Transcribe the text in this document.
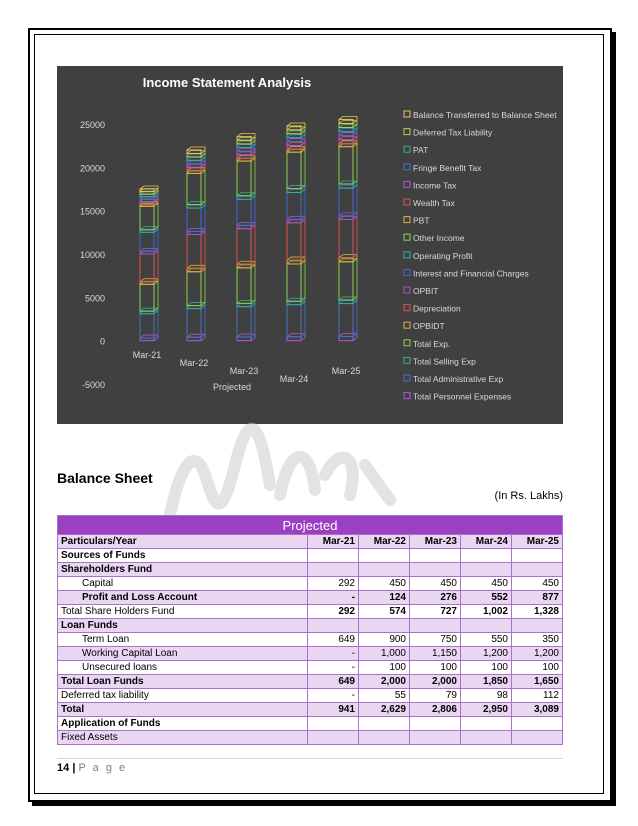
Income Statement Analysis
-5000
0
5000
10000
15000
20000
25000
Mar-21
Mar-22
Mar-23
Mar-24
Mar-25
Projected
Balance Transferred to Balance Sheet
Deferred Tax Liability
PAT
Fringe Benefit Tax
Income Tax
Wealth Tax
PBT
Other Income
Operating Profit
Interest and Financial Charges
OPBIT
Depreciation
OPBIDT
Total Exp.
Total Selling Exp
Total Administrative Exp
Total Personnel Expenses
Balance Sheet
(In Rs. Lakhs)
Projected					
Particulars/Year	Mar-21	Mar-22	Mar-23	Mar-24	Mar-25
Sources of Funds					
Shareholders Fund					
Capital	292	450	450	450	450
Profit and Loss Account	-	124	276	552	877
Total Share Holders Fund	292	574	727	1,002	1,328
Loan Funds					
Term Loan	649	900	750	550	350
Working Capital Loan	-	1,000	1,150	1,200	1,200
Unsecured loans	-	100	100	100	100
Total Loan Funds	649	2,000	2,000	1,850	1,650
Deferred tax liability	-	55	79	98	112
Total	941	2,629	2,806	2,950	3,089
Application of Funds					
Fixed Assets					
14 | P a g e
